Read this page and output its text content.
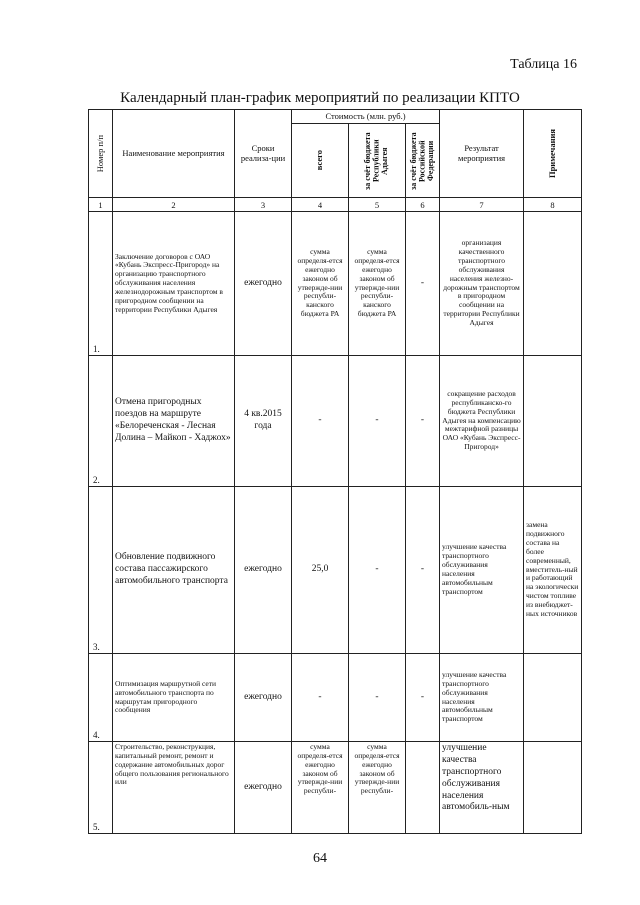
Таблица 16
Календарный план-график мероприятий по реализации КПТО
Номер п/п	Наименование мероприятия	Сроки реализа-ции	Стоимость (млн. руб.)			Результат мероприятия	Примечания

			всего	за счёт бюджета Республики Адыгея	за счёт бюджета Российской Федерации		

1	2	3	4	5	6	7	8
1.	Заключение договоров с ОАО «Кубань Экспресс-Пригород» на организацию транспортного обслуживания населения железнодорожным транспортом в пригородном сообщении на территории Республики Адыгея	ежегодно	сумма определя-ется ежегодно законом об утвержде-нии республи-канского бюджета РА	сумма определя-ется ежегодно законом об утвержде-нии республи-канского бюджета РА	-	организация качественного транспортного обслуживания населения железно-дорожным транспортом в пригородном сообщении на территории Республики Адыгея	
2.	Отмена пригородных поездов на маршруте «Белореченская - Лесная Долина – Майкоп - Хаджох»	4 кв.2015 года	-	-	-	сокращение расходов республиканско-го бюджета Республики Адыгея на компенсацию межтарифной разницы ОАО «Кубань Экспресс-Пригород»	
3.	Обновление подвижного состава пассажирского автомобильного транспорта	ежегодно	25,0	-	-	улучшение качества транспортного обслуживания населения автомобильным транспортом	замена подвижного состава на более современный, вместитель-ный и работающий на экологически чистом топливе из внебюджет-ных источников
4.	Оптимизация маршрутной сети автомобильного транспорта по маршрутам пригородного сообщения	ежегодно	-	-	-	улучшение качества транспортного обслуживания населения автомобильным транспортом	
5.	Строительство, реконструкция, капитальный ремонт, ремонт и содержание автомобильных дорог общего пользования регионального или	ежегодно	сумма определя-ется ежегодно законом об утвержде-нии республи-	сумма определя-ется ежегодно законом об утвержде-нии республи-		улучшение качества транспортного обслуживания населения автомобиль-ным	
64
